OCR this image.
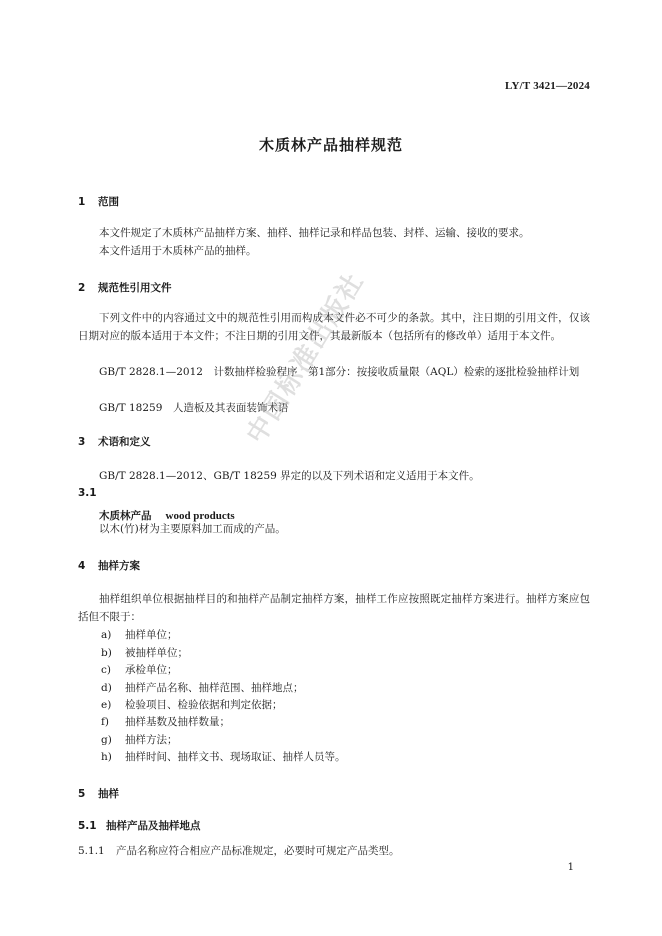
LY/T 3421—2024
木质林产品抽样规范
1 范围
本文件规定了木质林产品抽样方案、抽样、抽样记录和样品包装、封样、运输、接收的要求。
本文件适用于木质林产品的抽样。
2 规范性引用文件
下列文件中的内容通过文中的规范性引用而构成本文件必不可少的条款。其中，注日期的引用文件，仅该日期对应的版本适用于本文件；不注日期的引用文件，其最新版本（包括所有的修改单）适用于本文件。
GB/T 2828.1—2012　计数抽样检验程序　第1部分：按接收质量限（AQL）检索的逐批检验抽样计划
GB/T 18259　人造板及其表面装饰术语
3 术语和定义
GB/T 2828.1—2012、GB/T 18259 界定的以及下列术语和定义适用于本文件。
3.1
木质林产品 wood products
以木(竹)材为主要原料加工而成的产品。
4 抽样方案
抽样组织单位根据抽样目的和抽样产品制定抽样方案，抽样工作应按照既定抽样方案进行。抽样方案应包括但不限于：
a) 抽样单位；
b) 被抽样单位；
c) 承检单位；
d) 抽样产品名称、抽样范围、抽样地点；
e) 检验项目、检验依据和判定依据；
f) 抽样基数及抽样数量；
g) 抽样方法；
h) 抽样时间、抽样文书、现场取证、抽样人员等。
5 抽样
5.1 抽样产品及抽样地点
5.1.1 产品名称应符合相应产品标准规定，必要时可规定产品类型。
中国标准出版社
1
